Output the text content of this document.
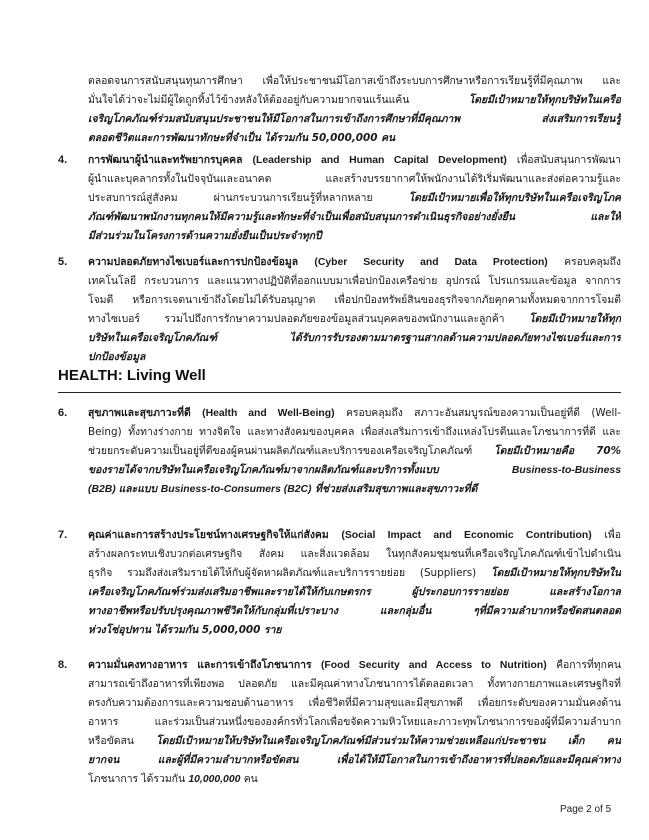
ตลอดจนการสนับสนุนทุนการศึกษา เพื่อให้ประชาชนมีโอกาสเข้าถึงระบบการศึกษาหรือการเรียนรู้ที่มีคุณภาพ และ
มั่นใจได้ว่าจะไม่มีผู้ใดถูกทิ้งไว้ข้างหลังให้ต้องอยู่กับความยากจนแร้นแค้น	โดยมีเป้าหมายให้ทุกบริษัทในเครือ
เจริญโภคภัณฑ์ร่วมสนับสนุนประชาชนให้มีโอกาสในการเข้าถึงการศึกษาที่มีคุณภาพ ส่งเสริมการเรียนรู้
ตลอดชีวิตและการพัฒนาทักษะที่จำเป็น ได้รวมกัน 50,000,000 คน
4. การพัฒนาผู้นำและทรัพยากรบุคคล (Leadership and Human Capital Development) เพื่อสนับสนุนการพัฒนา
ผู้นำและบุคลากรทั้งในปัจจุบันและอนาคต และสร้างบรรยากาศให้พนักงานได้ริเริ่มพัฒนาและส่งต่อความรู้และ
ประสบการณ์สู่สังคม ผ่านกระบวนการเรียนรู้ที่หลากหลาย	โดยมีเป้าหมายเพื่อให้ทุกบริษัทในเครือเจริญโภค
ภัณฑ์พัฒนาพนักงานทุกคนให้มีความรู้และทักษะที่จำเป็นเพื่อสนับสนุนการดำเนินธุรกิจอย่างยั่งยืน และให้
มีส่วนร่วมในโครงการด้านความยั่งยืนเป็นประจำทุกปี
5. ความปลอดภัยทางไซเบอร์และการปกป้องข้อมูล (Cyber Security and Data Protection) ครอบคลุมถึง
เทคโนโลยี กระบวนการ และแนวทางปฏิบัติที่ออกแบบมาเพื่อปกป้องเครือข่าย อุปกรณ์ โปรแกรมและข้อมูล จากการ
โจมตี หรือการเจตนาเข้าถึงโดยไม่ได้รับอนุญาต เพื่อปกป้องทรัพย์สินของธุรกิจจากภัยคุกคามทั้งหมดจากการโจมตี
ทางไซเบอร์ รวมไปถึงการรักษาความปลอดภัยของข้อมูลส่วนบุคคลของพนักงานและลูกค้า โดยมีเป้าหมายให้ทุก
บริษัทในเครือเจริญโภคภัณฑ์ ได้รับการรับรองตามมาตรฐานสากลด้านความปลอดภัยทางไซเบอร์และการ
ปกป้องข้อมูล
HEALTH: Living Well
6. สุขภาพและสุขภาวะที่ดี (Health and Well-Being) ครอบคลุมถึง สภาวะอันสมบูรณ์ของความเป็นอยู่ที่ดี (Well-
Being) ทั้งทางร่างกาย ทางจิตใจ และทางสังคมของบุคคล เพื่อส่งเสริมการเข้าถึงแหล่งโปรตีนและโภชนาการที่ดี และ
ช่วยยกระดับความเป็นอยู่ที่ดีของผู้คนผ่านผลิตภัณฑ์และบริการของเครือเจริญโภคภัณฑ์ โดยมีเป้าหมายคือ 70%
ของรายได้จากบริษัทในเครือเจริญโภคภัณฑ์มาจากผลิตภัณฑ์และบริการทั้งแบบ	Business-to-Business
(B2B) และแบบ Business-to-Consumers (B2C) ที่ช่วยส่งเสริมสุขภาพและสุขภาวะที่ดี
7. คุณค่าและการสร้างประโยชน์ทางเศรษฐกิจให้แก่สังคม (Social Impact and Economic Contribution) เพื่อ
สร้างผลกระทบเชิงบวกต่อเศรษฐกิจ สังคม และสิ่งแวดล้อม ในทุกสังคมชุมชนที่เครือเจริญโภคภัณฑ์เข้าไปดำเนิน
ธุรกิจ รวมถึงส่งเสริมรายได้ให้กับผู้จัดหาผลิตภัณฑ์และบริการรายย่อย (Suppliers) โดยมีเป้าหมายให้ทุกบริษัทใน
เครือเจริญโภคภัณฑ์ร่วมส่งเสริมอาชีพและรายได้ให้กับเกษตรกร ผู้ประกอบการรายย่อย และสร้างโอกาส
ทางอาชีพหรือปรับปรุงคุณภาพชีวิตให้กับกลุ่มที่เปราะบาง และกลุ่มอื่น ๆที่มีความลำบากหรือขัดสนตลอด
ห่วงโซ่อุปทาน ได้รวมกัน 5,000,000 ราย
8. ความมั่นคงทางอาหาร และการเข้าถึงโภชนาการ (Food Security and Access to Nutrition) คือการที่ทุกคน
สามารถเข้าถึงอาหารที่เพียงพอ ปลอดภัย และมีคุณค่าทางโภชนาการได้ตลอดเวลา ทั้งทางกายภาพและเศรษฐกิจที่
ตรงกับความต้องการและความชอบด้านอาหาร เพื่อชีวิตที่มีความสุขและมีสุขภาพดี เพื่อยกระดับของความมั่นคงด้าน
อาหาร และร่วมเป็นส่วนหนึ่งขององค์กรทั่วโลกเพื่อขจัดความหิวโหยและภาวะทุพโภชนาการของผู้ที่มีความลำบาก
หรือขัดสน โดยมีเป้าหมายให้บริษัทในเครือเจริญโภคภัณฑ์มีส่วนร่วมให้ความช่วยเหลือแก่ประชาชน เด็ก คน
ยากจน และผู้ที่มีความลำบากหรือขัดสน เพื่อได้ให้มีโอกาสในการเข้าถึงอาหารที่ปลอดภัยและมีคุณค่าทาง
โภชนาการ ได้รวมกัน 10,000,000 คน
Page 2 of 5
